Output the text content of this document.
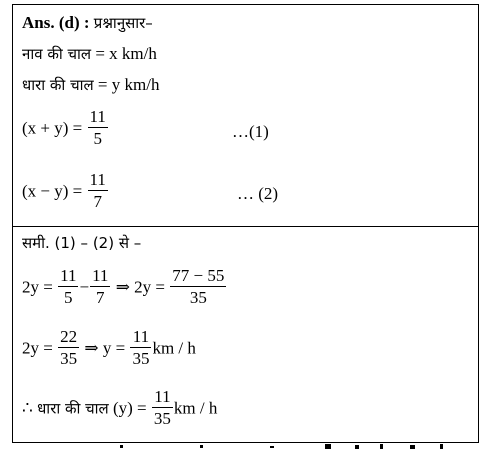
Ans. (d) : प्रश्नानुसार–
नाव की चाल = x km/h
धारा की चाल = y km/h
$(x + y) = \frac{11}{5}$	…(1)
$(x - y) = \frac{11}{7}$	… (2)
समी. (1) – (2) से –
$2y = \frac{11}{5} - \frac{11}{7}$ ⇒ $2y = \frac{77 - 55}{35}$
$2y = \frac{22}{35}$ ⇒ $y = \frac{11}{35}$ km / h
∴ धारा की चाल $(y) = \frac{11}{35}$ km / h
